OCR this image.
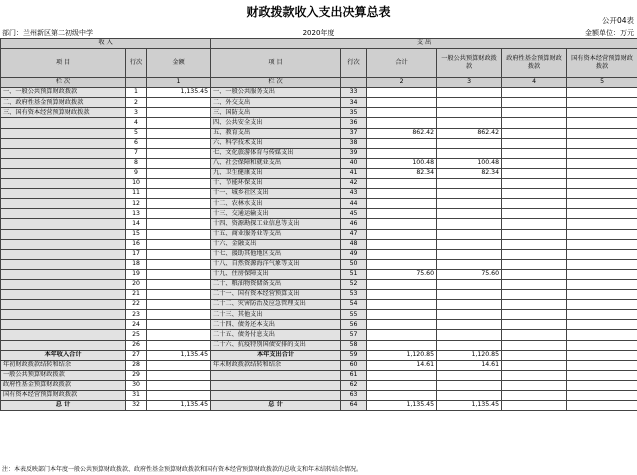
财政拨款收入支出决算总表
公开04表
部门：兰州新区第二初级中学	2020年度	金额单位：万元
收 入			支 出					
项 目	行次	金额	项 目	行次	合计	一般公共预算财政拨款	政府性基金预算财政拨款	国有资本经营预算财政拨款
栏 次		1	栏 次		2	3	4	5
一、一般公共预算财政拨款	1	1,135.45	一、一般公共服务支出	33				
二、政府性基金预算财政拨款	2		二、外交支出	34				
三、国有资本经营预算财政拨款	3		三、国防支出	35				
	4		四、公共安全支出	36				
	5		五、教育支出	37	862.42	862.42		
	6		六、科学技术支出	38				
	7		七、文化旅游体育与传媒支出	39				
	8		八、社会保障和就业支出	40	100.48	100.48		
	9		九、卫生健康支出	41	82.34	82.34		
	10		十、节能环保支出	42				
	11		十一、城乡社区支出	43				
	12		十二、农林水支出	44				
	13		十三、交通运输支出	45				
	14		十四、资源勘探工业信息等支出	46				
	15		十五、商业服务业等支出	47				
	16		十六、金融支出	48				
	17		十七、援助其他地区支出	49				
	18		十八、自然资源海洋气象等支出	50				
	19		十九、住房保障支出	51	75.60	75.60		
	20		二十、粮油物资储备支出	52				
	21		二十一、国有资本经营预算支出	53				
	22		二十二、灾害防治及应急管理支出	54				
	23		二十三、其他支出	55				
	24		二十四、债务还本支出	56				
	25		二十五、债务付息支出	57				
	26		二十六、抗疫特别国债安排的支出	58				
本年收入合计	27	1,135.45	本年支出合计	59	1,120.85	1,120.85		
年初财政拨款结转和结余	28		年末财政拨款结转和结余	60	14.61	14.61		
一般公共预算财政拨款	29			61				
政府性基金预算财政拨款	30			62				
国有资本经营预算财政拨款	31			63				
总 计	32	1,135.45	总 计	64	1,135.45	1,135.45		
注：本表反映部门本年度一般公共预算财政拨款、政府性基金预算财政拨款和国有资本经营预算财政拨款的总收支和年末结转结余情况。
